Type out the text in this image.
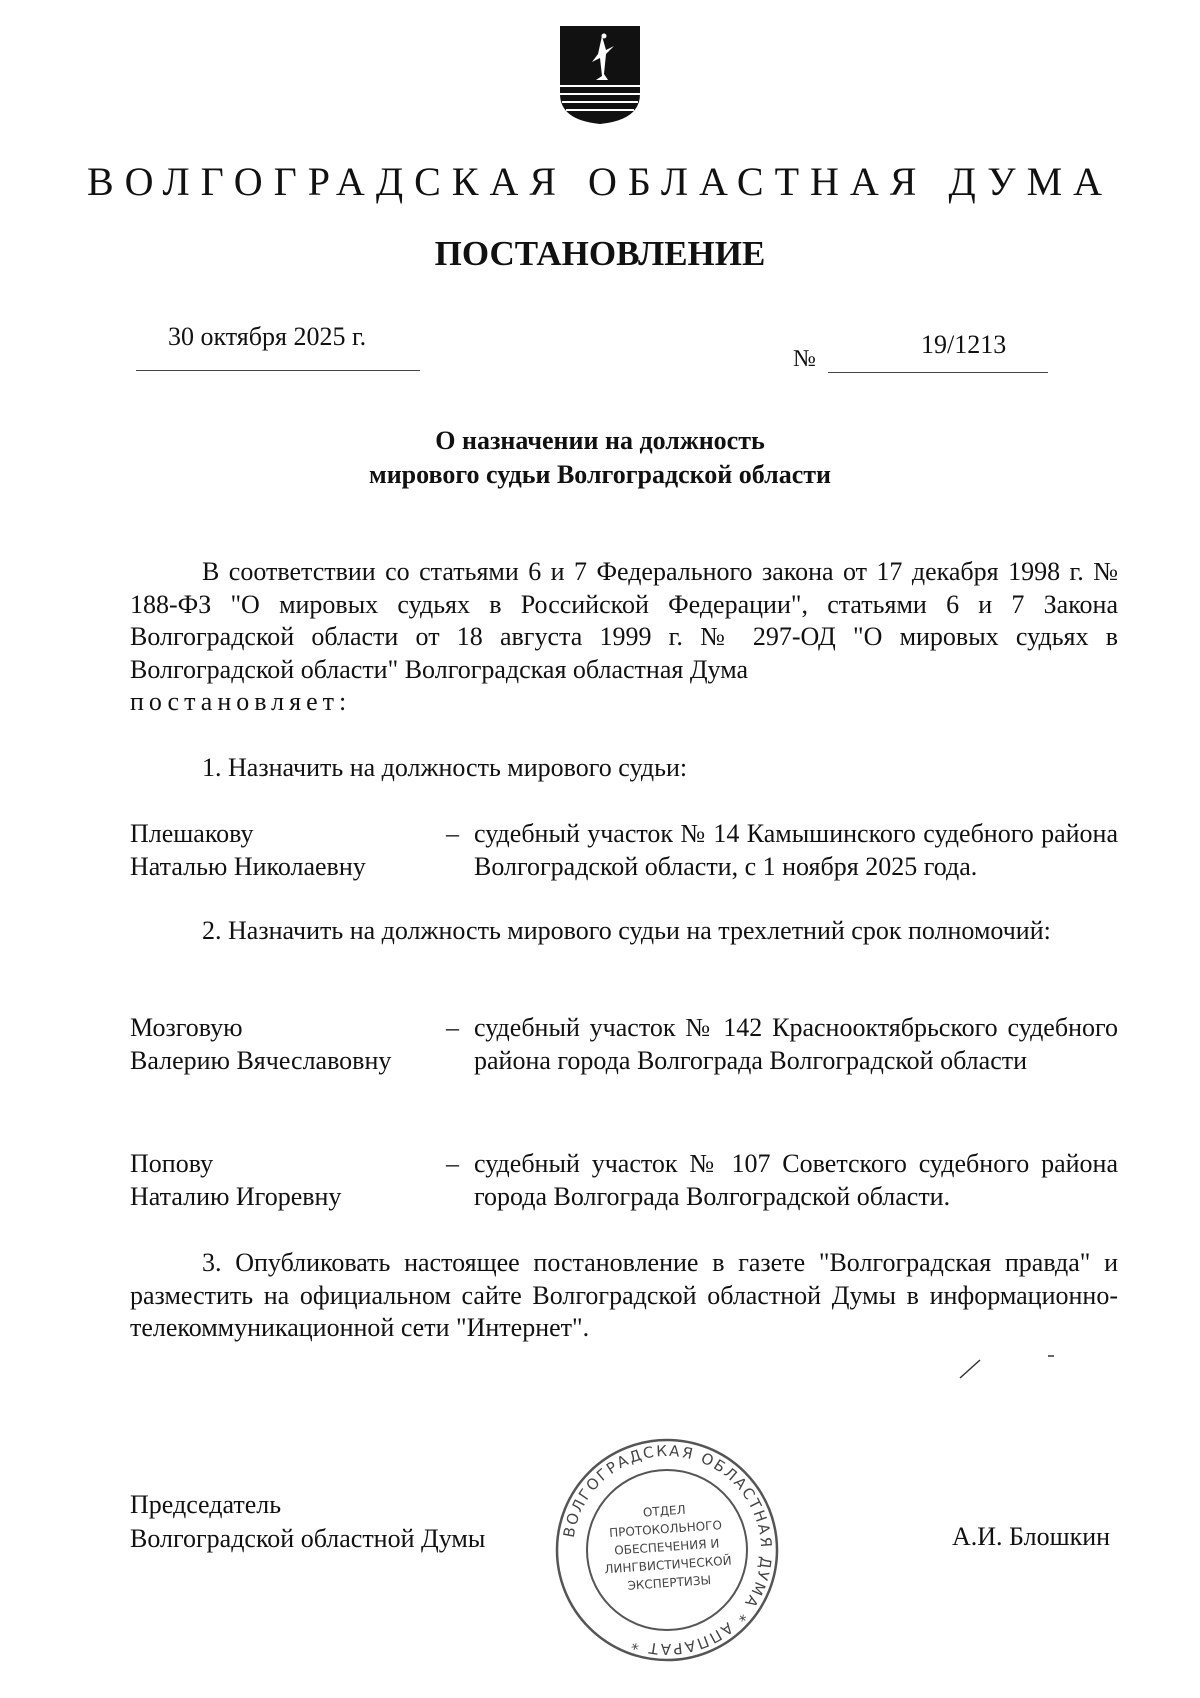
ВОЛГОГРАДСКАЯ ОБЛАСТНАЯ ДУМА
ПОСТАНОВЛЕНИЕ
30 октября 2025 г.
№	19/1213
О назначении на должность
мирового судьи Волгоградской области
В соответствии со статьями 6 и 7 Федерального закона от 17 декабря 1998 г. № 188-ФЗ "О мировых судьях в Российской Федерации", статьями 6 и 7 Закона Волгоградской области от 18 августа 1999 г. № 297-ОД "О мировых судьях в Волгоградской области" Волгоградская областная Дума
постановляет:
1. Назначить на должность мирового судьи:
Плешакову
Наталью Николаевну
– судебный участок № 14 Камышинского судебного района Волгоградской области, с 1 ноября 2025 года.
2. Назначить на должность мирового судьи на трехлетний срок полномочий:
Мозговую
Валерию Вячеславовну
– судебный участок № 142 Краснооктябрьского судебного района города Волгограда Волгоградской области
Попову
Наталию Игоревну
– судебный участок № 107 Советского судебного района города Волгограда Волгоградской области.
3. Опубликовать настоящее постановление в газете "Волгоградская правда" и разместить на официальном сайте Волгоградской областной Думы в информационно-телекоммуникационной сети "Интернет".
Председатель
Волгоградской областной Думы	А.И. Блошкин
ВОЛГОГРАДСКАЯ ОБЛАСТНАЯ ДУМА * АППАРАТ *
ОТДЕЛ
ПРОТОКОЛЬНОГО
ОБЕСПЕЧЕНИЯ И
ЛИНГВИСТИЧЕСКОЙ
ЭКСПЕРТИЗЫ
